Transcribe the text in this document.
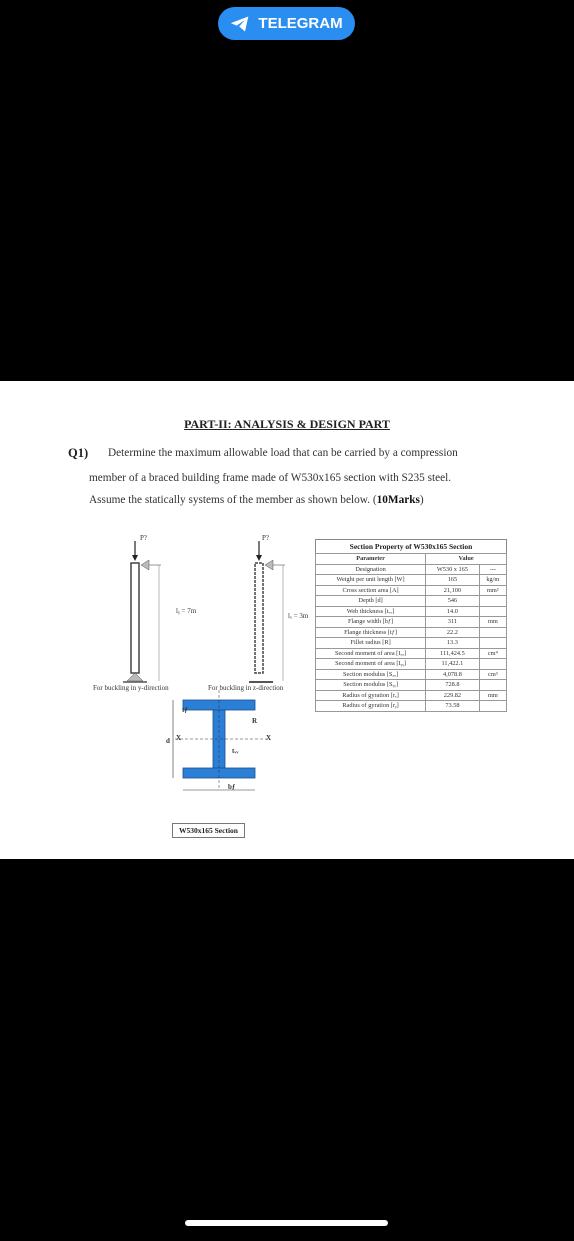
TELEGRAM
PART-II: ANALYSIS & DESIGN PART
Q1) Determine the maximum allowable load that can be carried by a compression
member of a braced building frame made of W530x165 section with S235 steel.
Assume the statically systems of the member as shown below. (10Marks)
P?	P?
lᵧ = 7m
lₓ = 3m
For buckling in y-direction	For buckling in z-direction
Section Property of W530x165 Section
Parameter	Value	
Designation	W530 x 165	---
Weight per unit length [W]	165	kg/m
Cross section area [A]	21,100	mm²
Depth [d]	546	
Web thickness [tᵥᵥ]	14.0	
Flange width [bƒ]	311	mm
Flange thickness [tƒ]	22.2	
Fillet radius [R]	13.3	
Second moment of area [Iₓₓ]	111,424.5	cm⁴
Second moment of area [Iᵧᵧ]	11,422.1	
Section modulus [Sₓₓ]	4,078.8	cm³
Section modulus [Sᵧᵧ]	728.8	
Radius of gyration [rₓ]	229.82	mm
Radius of gyration [rᵧ]	73.58	
d X	X
tƒ
tᵥᵥ
bƒ
R
W530x165 Section
